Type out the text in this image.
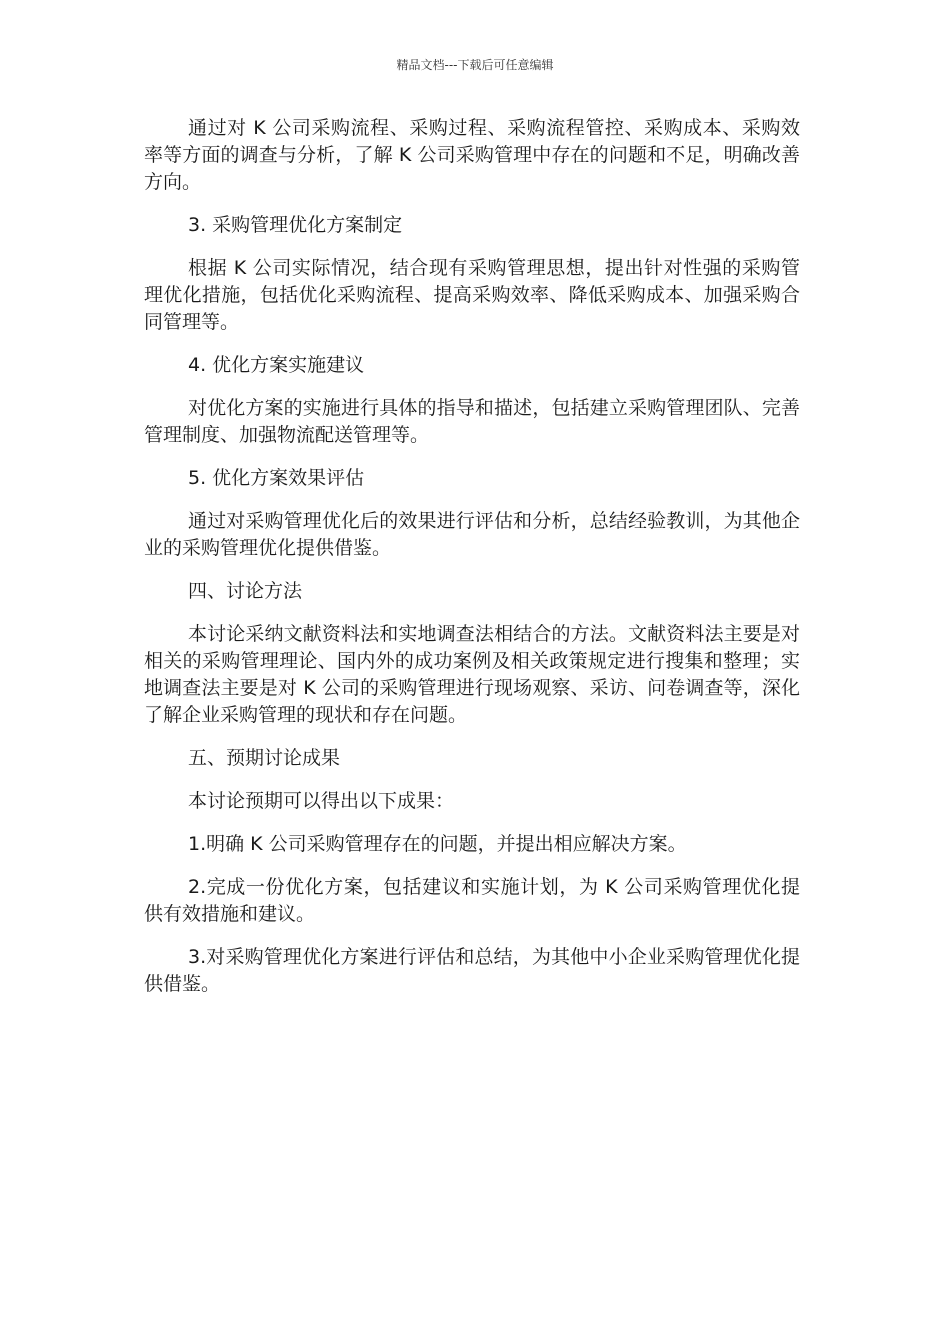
精品文档---下载后可任意编辑

通过对 K 公司采购流程、采购过程、采购流程管控、采购成本、采购效率等方面的调查与分析，了解 K 公司采购管理中存在的问题和不足，明确改善方向。

3. 采购管理优化方案制定

根据 K 公司实际情况，结合现有采购管理思想，提出针对性强的采购管理优化措施，包括优化采购流程、提高采购效率、降低采购成本、加强采购合同管理等。

4. 优化方案实施建议

对优化方案的实施进行具体的指导和描述，包括建立采购管理团队、完善管理制度、加强物流配送管理等。

5. 优化方案效果评估

通过对采购管理优化后的效果进行评估和分析，总结经验教训，为其他企业的采购管理优化提供借鉴。

四、讨论方法

本讨论采纳文献资料法和实地调查法相结合的方法。文献资料法主要是对相关的采购管理理论、国内外的成功案例及相关政策规定进行搜集和整理；实地调查法主要是对 K 公司的采购管理进行现场观察、采访、问卷调查等，深化了解企业采购管理的现状和存在问题。

五、预期讨论成果

本讨论预期可以得出以下成果：

1.明确 K 公司采购管理存在的问题，并提出相应解决方案。

2.完成一份优化方案，包括建议和实施计划，为 K 公司采购管理优化提供有效措施和建议。

3.对采购管理优化方案进行评估和总结，为其他中小企业采购管理优化提供借鉴。
